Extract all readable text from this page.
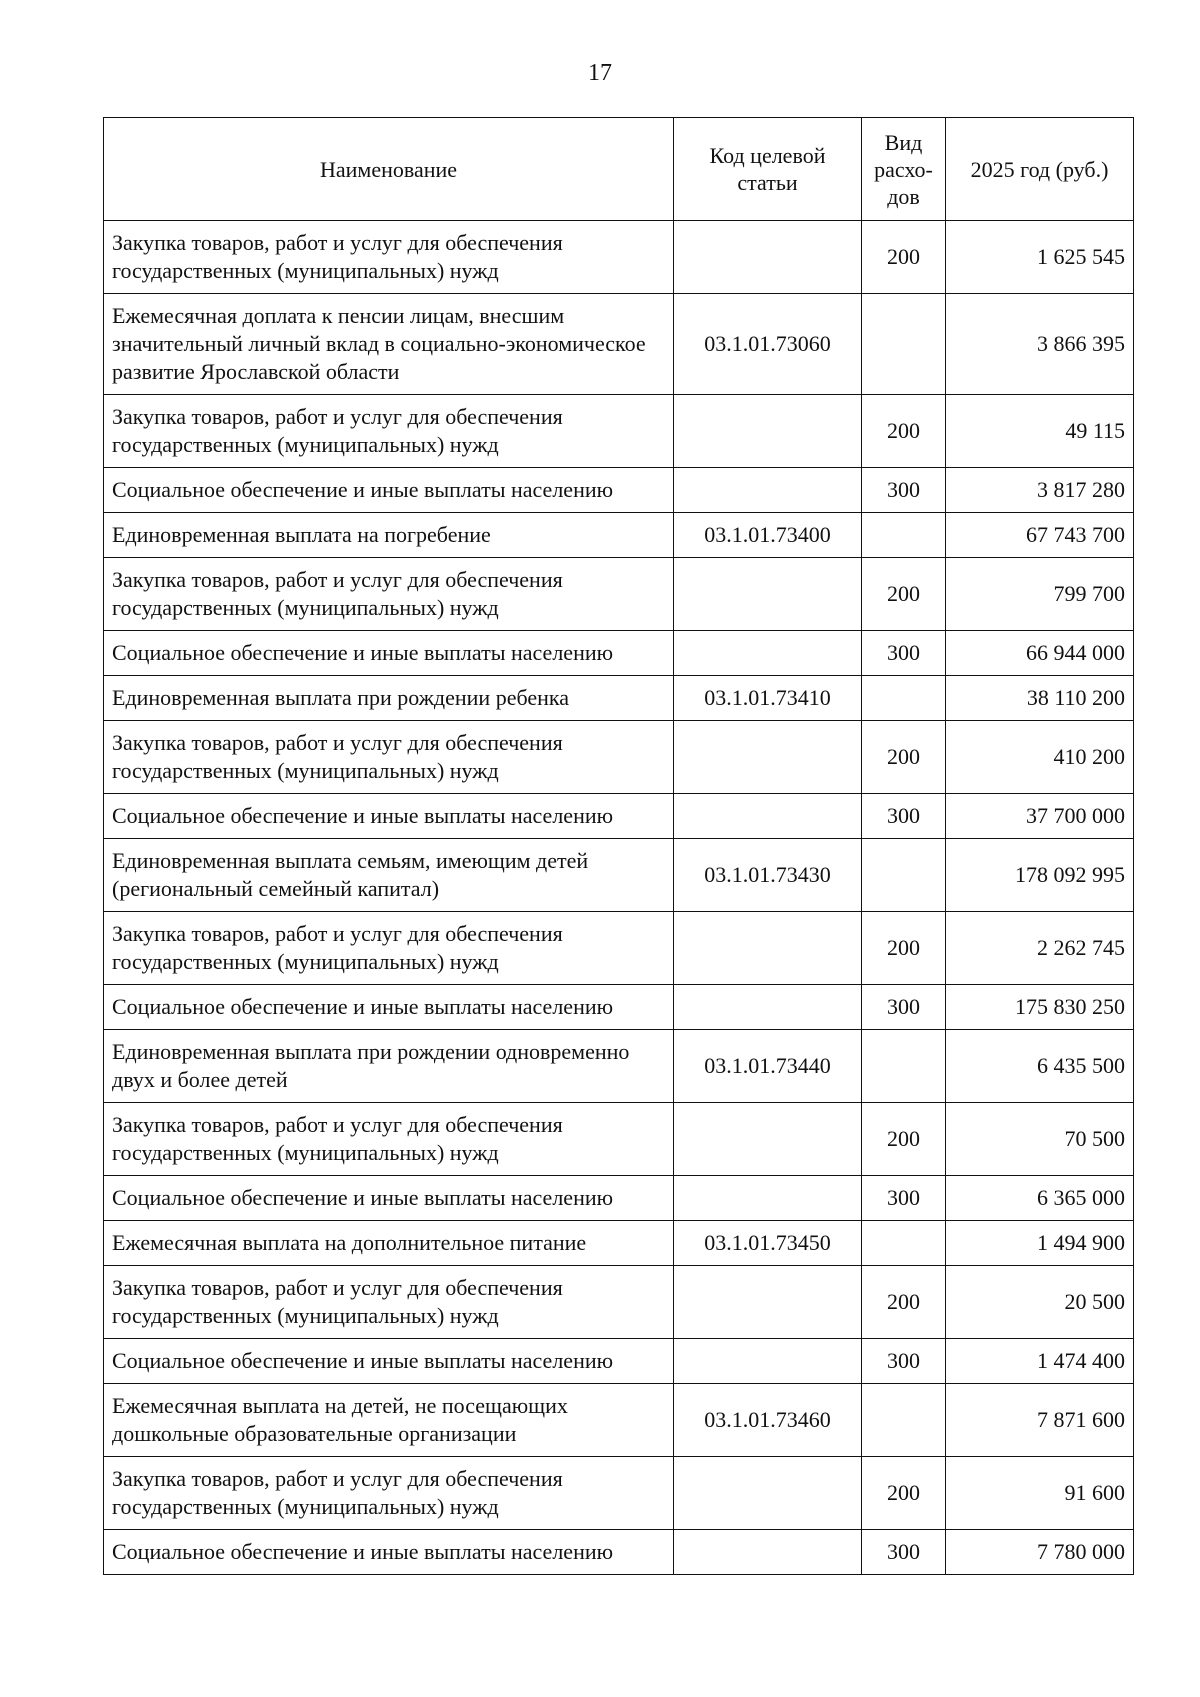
17
Наименование	Код целевой статьи	Вид расхо-дов	2025 год (руб.)
Закупка товаров, работ и услуг для обеспечения государственных (муниципальных) нужд		200	1 625 545
Ежемесячная доплата к пенсии лицам, внесшим значительный личный вклад в социально-экономическое развитие Ярославской области	03.1.01.73060		3 866 395
Закупка товаров, работ и услуг для обеспечения государственных (муниципальных) нужд		200	49 115
Социальное обеспечение и иные выплаты населению		300	3 817 280
Единовременная выплата на погребение	03.1.01.73400		67 743 700
Закупка товаров, работ и услуг для обеспечения государственных (муниципальных) нужд		200	799 700
Социальное обеспечение и иные выплаты населению		300	66 944 000
Единовременная выплата при рождении ребенка	03.1.01.73410		38 110 200
Закупка товаров, работ и услуг для обеспечения государственных (муниципальных) нужд		200	410 200
Социальное обеспечение и иные выплаты населению		300	37 700 000
Единовременная выплата семьям, имеющим детей (региональный семейный капитал)	03.1.01.73430		178 092 995
Закупка товаров, работ и услуг для обеспечения государственных (муниципальных) нужд		200	2 262 745
Социальное обеспечение и иные выплаты населению		300	175 830 250
Единовременная выплата при рождении одновременно двух и более детей	03.1.01.73440		6 435 500
Закупка товаров, работ и услуг для обеспечения государственных (муниципальных) нужд		200	70 500
Социальное обеспечение и иные выплаты населению		300	6 365 000
Ежемесячная выплата на дополнительное питание	03.1.01.73450		1 494 900
Закупка товаров, работ и услуг для обеспечения государственных (муниципальных) нужд		200	20 500
Социальное обеспечение и иные выплаты населению		300	1 474 400
Ежемесячная выплата на детей, не посещающих дошкольные образовательные организации	03.1.01.73460		7 871 600
Закупка товаров, работ и услуг для обеспечения государственных (муниципальных) нужд		200	91 600
Социальное обеспечение и иные выплаты населению		300	7 780 000
